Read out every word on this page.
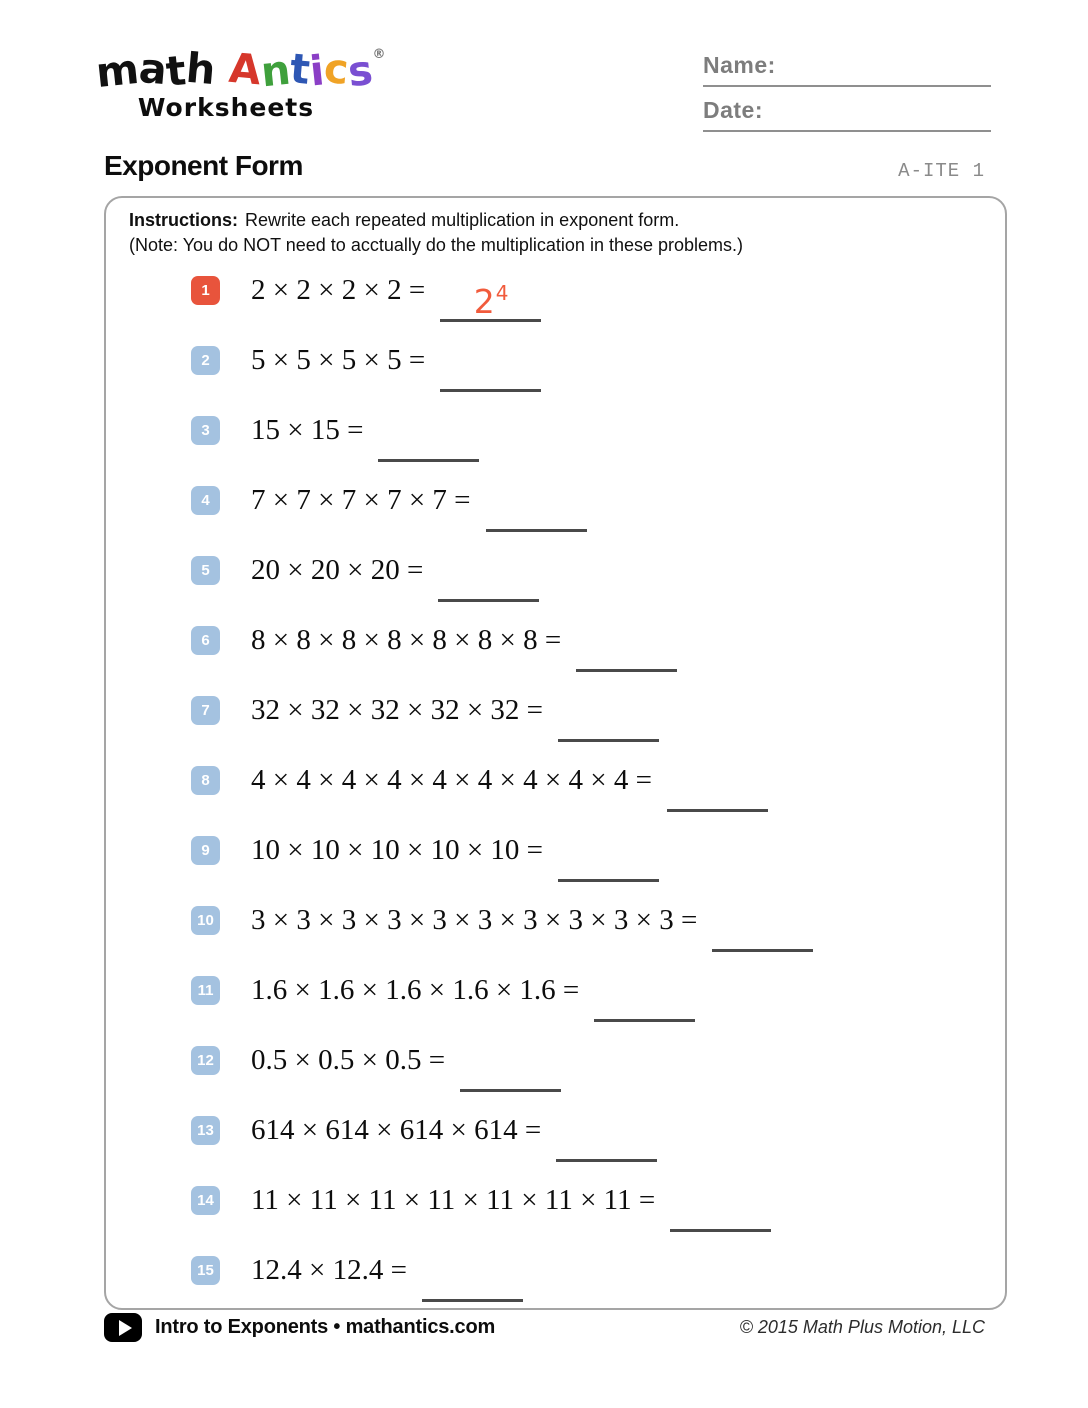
math Antics®
Worksheets
Name:
Date:
Exponent Form	A-ITE 1

Instructions: Rewrite each repeated multiplication in exponent form.
(Note: You do NOT need to acctually do the multiplication in these problems.)

1	2 × 2 × 2 × 2 = 24
2	5 × 5 × 5 × 5 =
3	15 × 15 =
4	7 × 7 × 7 × 7 × 7 =
5	20 × 20 × 20 =
6	8 × 8 × 8 × 8 × 8 × 8 × 8 =
7	32 × 32 × 32 × 32 × 32 =
8	4 × 4 × 4 × 4 × 4 × 4 × 4 × 4 × 4 =
9	10 × 10 × 10 × 10 × 10 =
10 3 × 3 × 3 × 3 × 3 × 3 × 3 × 3 × 3 × 3 =
11 1.6 × 1.6 × 1.6 × 1.6 × 1.6 =
12 0.5 × 0.5 × 0.5 =
13 614 × 614 × 614 × 614 =
14 11 × 11 × 11 × 11 × 11 × 11 × 11 =
15 12.4 × 12.4 =
Intro to Exponents • mathantics.com	© 2015 Math Plus Motion, LLC
